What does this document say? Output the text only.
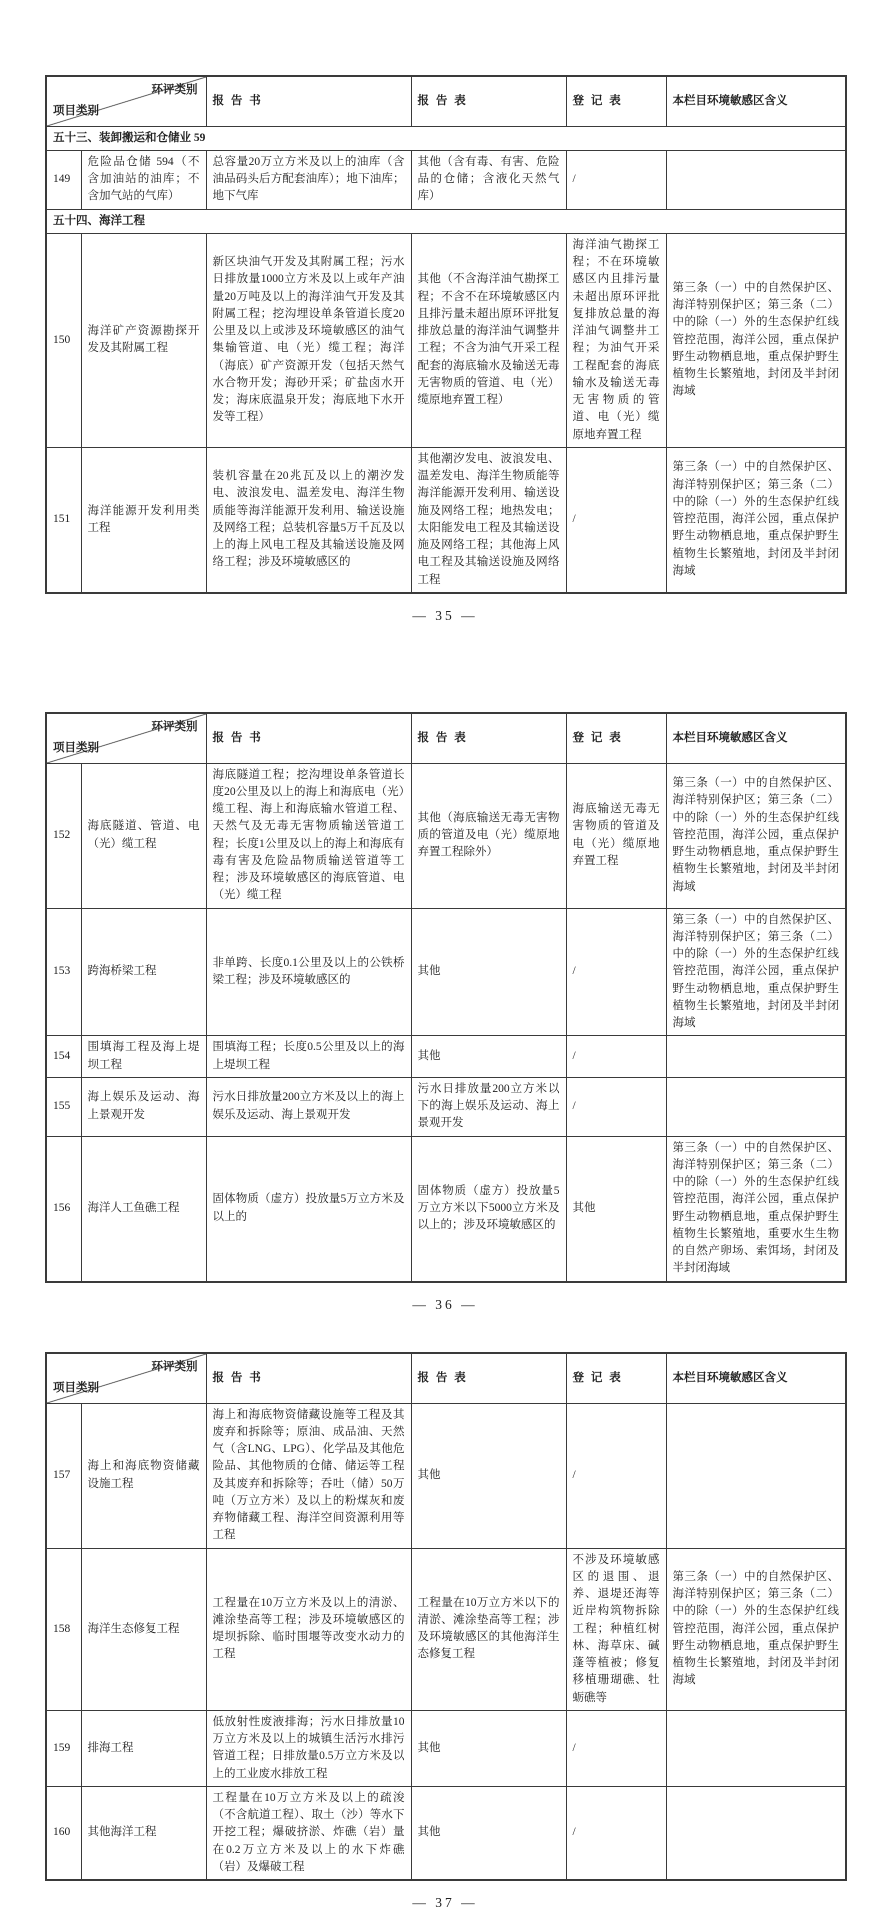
环评类别
项目类别		报 告 书	报 告 表	登 记 表	本栏目环境敏感区含义
五十三、装卸搬运和仓储业 59					
149	危险品仓储 594（不含加油站的油库；不含加气站的气库）	总容量20万立方米及以上的油库（含油品码头后方配套油库）；地下油库；地下气库	其他（含有毒、有害、危险品的仓储；含液化天然气库）	/	
五十四、海洋工程					
150	海洋矿产资源勘探开发及其附属工程	新区块油气开发及其附属工程；污水日排放量1000立方米及以上或年产油量20万吨及以上的海洋油气开发及其附属工程；挖沟埋设单条管道长度20公里及以上或涉及环境敏感区的油气集输管道、电（光）缆工程；海洋（海底）矿产资源开发（包括天然气水合物开发；海砂开采；矿盐卤水开发；海床底温泉开发；海底地下水开发等工程）	其他（不含海洋油气勘探工程；不含不在环境敏感区内且排污量未超出原环评批复排放总量的海洋油气调整井工程；不含为油气开采工程配套的海底输水及输送无毒无害物质的管道、电（光）缆原地弃置工程）	海洋油气勘探工程；不在环境敏感区内且排污量未超出原环评批复排放总量的海洋油气调整井工程；为油气开采工程配套的海底输水及输送无毒无害物质的管道、电（光）缆原地弃置工程	第三条（一）中的自然保护区、海洋特别保护区；第三条（二）中的除（一）外的生态保护红线管控范围，海洋公园，重点保护野生动物栖息地，重点保护野生植物生长繁殖地，封闭及半封闭海域
151	海洋能源开发利用类工程	装机容量在20兆瓦及以上的潮汐发电、波浪发电、温差发电、海洋生物质能等海洋能源开发利用、输送设施及网络工程；总装机容量5万千瓦及以上的海上风电工程及其输送设施及网络工程；涉及环境敏感区的	其他潮汐发电、波浪发电、温差发电、海洋生物质能等海洋能源开发利用、输送设施及网络工程；地热发电；太阳能发电工程及其输送设施及网络工程；其他海上风电工程及其输送设施及网络工程	/	第三条（一）中的自然保护区、海洋特别保护区；第三条（二）中的除（一）外的生态保护红线管控范围，海洋公园，重点保护野生动物栖息地，重点保护野生植物生长繁殖地，封闭及半封闭海域
— 35 —
环评类别
项目类别		报 告 书	报 告 表	登 记 表	本栏目环境敏感区含义
152	海底隧道、管道、电（光）缆工程	海底隧道工程；挖沟埋设单条管道长度20公里及以上的海上和海底电（光）缆工程、海上和海底输水管道工程、天然气及无毒无害物质输送管道工程；长度1公里及以上的海上和海底有毒有害及危险品物质输送管道等工程；涉及环境敏感区的海底管道、电（光）缆工程	其他（海底输送无毒无害物质的管道及电（光）缆原地弃置工程除外）	海底输送无毒无害物质的管道及电（光）缆原地弃置工程	第三条（一）中的自然保护区、海洋特别保护区；第三条（二）中的除（一）外的生态保护红线管控范围，海洋公园，重点保护野生动物栖息地，重点保护野生植物生长繁殖地，封闭及半封闭海域
153	跨海桥梁工程	非单跨、长度0.1公里及以上的公铁桥梁工程；涉及环境敏感区的	其他	/	第三条（一）中的自然保护区、海洋特别保护区；第三条（二）中的除（一）外的生态保护红线管控范围，海洋公园，重点保护野生动物栖息地，重点保护野生植物生长繁殖地，封闭及半封闭海域
154	围填海工程及海上堤坝工程	围填海工程；长度0.5公里及以上的海上堤坝工程	其他	/	
155	海上娱乐及运动、海上景观开发	污水日排放量200立方米及以上的海上娱乐及运动、海上景观开发	污水日排放量200立方米以下的海上娱乐及运动、海上景观开发	/	
156	海洋人工鱼礁工程	固体物质（虚方）投放量5万立方米及以上的	固体物质（虚方）投放量5万立方米以下5000立方米及以上的；涉及环境敏感区的	其他	第三条（一）中的自然保护区、海洋特别保护区；第三条（二）中的除（一）外的生态保护红线管控范围，海洋公园，重点保护野生动物栖息地，重点保护野生植物生长繁殖地，重要水生生物的自然产卵场、索饵场，封闭及半封闭海域
— 36 —
环评类别
项目类别		报 告 书	报 告 表	登 记 表	本栏目环境敏感区含义
157	海上和海底物资储藏设施工程	海上和海底物资储藏设施等工程及其废弃和拆除等；原油、成品油、天然气（含LNG、LPG）、化学品及其他危险品、其他物质的仓储、储运等工程及其废弃和拆除等；吞吐（储）50万吨（万立方米）及以上的粉煤灰和废弃物储藏工程、海洋空间资源利用等工程	其他	/	
158	海洋生态修复工程	工程量在10万立方米及以上的清淤、滩涂垫高等工程；涉及环境敏感区的堤坝拆除、临时围堰等改变水动力的工程	工程量在10万立方米以下的清淤、滩涂垫高等工程；涉及环境敏感区的其他海洋生态修复工程	不涉及环境敏感区的退围、退养、退堤还海等近岸构筑物拆除工程；种植红树林、海草床、碱蓬等植被；修复移植珊瑚礁、牡蛎礁等	第三条（一）中的自然保护区、海洋特别保护区；第三条（二）中的除（一）外的生态保护红线管控范围，海洋公园，重点保护野生动物栖息地，重点保护野生植物生长繁殖地，封闭及半封闭海域
159	排海工程	低放射性废液排海；污水日排放量10万立方米及以上的城镇生活污水排污管道工程；日排放量0.5万立方米及以上的工业废水排放工程	其他	/	
160	其他海洋工程	工程量在10万立方米及以上的疏浚（不含航道工程）、取土（沙）等水下开挖工程；爆破挤淤、炸礁（岩）量在0.2万立方米及以上的水下炸礁（岩）及爆破工程	其他	/	
— 37 —
